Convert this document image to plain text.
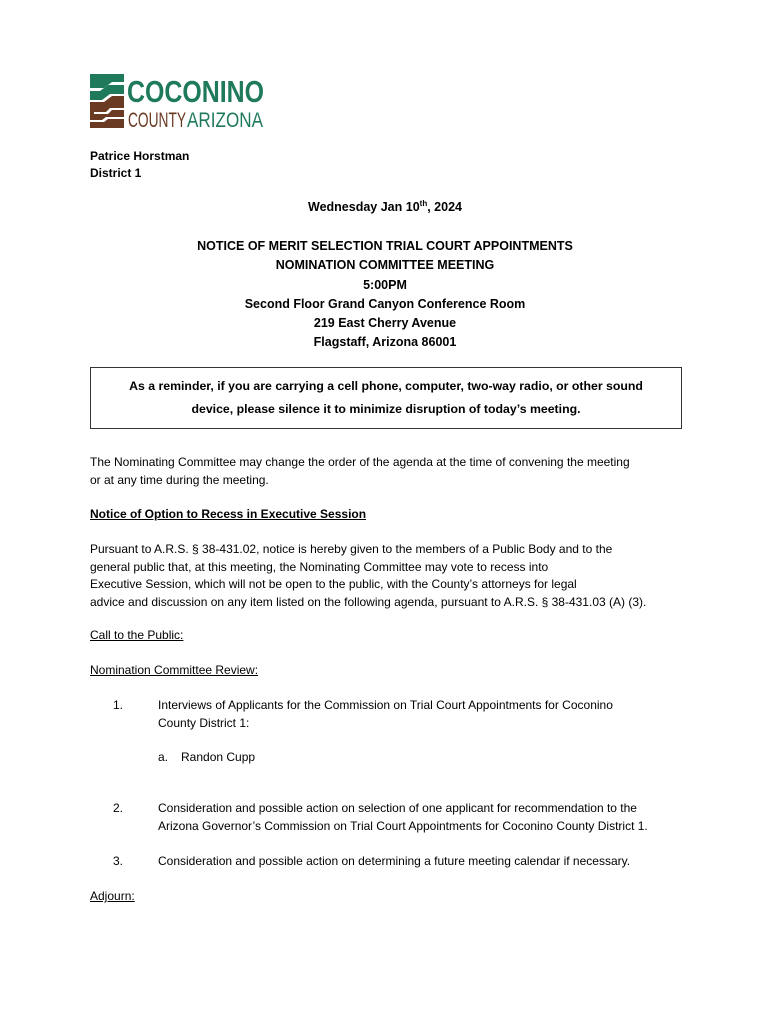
COCONINO
COUNTY ARIZONA
Patrice Horstman
District 1
Wednesday Jan 10th, 2024
NOTICE OF MERIT SELECTION TRIAL COURT APPOINTMENTS
NOMINATION COMMITTEE MEETING
5:00PM
Second Floor Grand Canyon Conference Room
219 East Cherry Avenue
Flagstaff, Arizona 86001
As a reminder, if you are carrying a cell phone, computer, two-way radio, or other sound
device, please silence it to minimize disruption of today’s meeting.
The Nominating Committee may change the order of the agenda at the time of convening the meeting
or at any time during the meeting.
Notice of Option to Recess in Executive Session
Pursuant to A.R.S. § 38-431.02, notice is hereby given to the members of a Public Body and to the
general public that, at this meeting, the Nominating Committee may vote to recess into
Executive Session, which will not be open to the public, with the County’s attorneys for legal
advice and discussion on any item listed on the following agenda, pursuant to A.R.S. § 38-431.03 (A) (3).
Call to the Public:
Nomination Committee Review:
1.	Interviews of Applicants for the Commission on Trial Court Appointments for Coconino
County District 1:
a.	Randon Cupp
2.	Consideration and possible action on selection of one applicant for recommendation to the
Arizona Governor’s Commission on Trial Court Appointments for Coconino County District 1.
3.	Consideration and possible action on determining a future meeting calendar if necessary.
Adjourn:
